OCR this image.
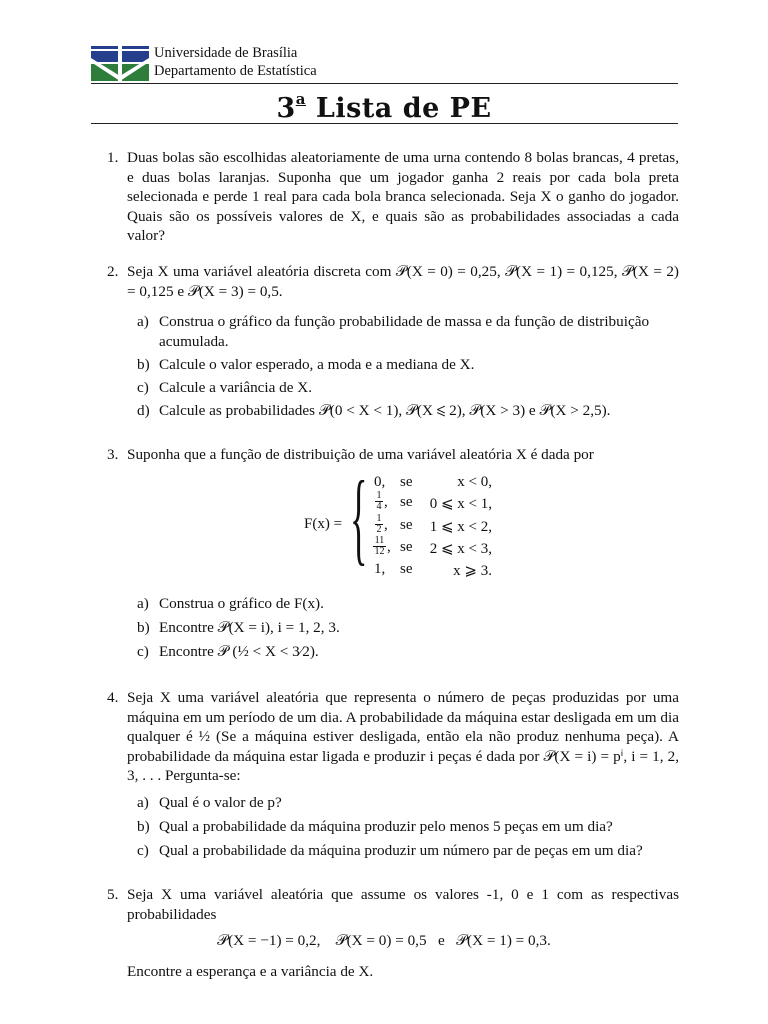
Universidade de Brasília
Departamento de Estatística
3$^a$ Lista de PE
1. Duas bolas são escolhidas aleatoriamente de uma urna contendo 8 bolas brancas, 4 pretas, e duas bolas laranjas. Suponha que um jogador ganha 2 reais por cada bola preta selecionada e perde 1 real para cada bola branca selecionada. Seja X o ganho do jogador. Quais são os possíveis valores de X, e quais são as probabilidades associadas a cada valor?
2. Seja X uma variável aleatória discreta com 𝒫(X = 0) = 0,25, 𝒫(X = 1) = 0,125, 𝒫(X = 2) = 0,125 e 𝒫(X = 3) = 0,5.
a) Construa o gráfico da função probabilidade de massa e da função de distribuição acumulada.
b) Calcule o valor esperado, a moda e a mediana de X.
c) Calcule a variância de X.
d) Calcule as probabilidades 𝒫(0 < X < 1), 𝒫(X ⩽ 2), 𝒫(X > 3) e 𝒫(X > 2,5).
3. Suponha que a função de distribuição de uma variável aleatória X é dada por
F(x) = { 0, se	x < 0,
$\frac{1}{4}$ , se 0 ⩽ x < 1,
$\frac{1}{2}$ , se 1 ⩽ x < 2,
$\frac{11}{12}$ , se 2 ⩽ x < 3,
1, se	x ⩾ 3.
a) Construa o gráfico de F(x).
b) Encontre 𝒫(X = i), i = 1, 2, 3.
c) Encontre 𝒫 (½ < X < 3⁄2).
4. Seja X uma variável aleatória que representa o número de peças produzidas por uma máquina em um período de um dia. A probabilidade da máquina estar desligada em um dia qualquer é ½ (Se a máquina estiver desligada, então ela não produz nenhuma peça). A probabilidade da máquina estar ligada e produzir i peças é dada por 𝒫(X = i) = pⁱ, i = 1, 2, 3, . . . Pergunta-se:
a) Qual é o valor de p?
b) Qual a probabilidade da máquina produzir pelo menos 5 peças em um dia?
c) Qual a probabilidade da máquina produzir um número par de peças em um dia?
5. Seja X uma variável aleatória que assume os valores -1, 0 e 1 com as respectivas probabilidades
𝒫(X = −1) = 0,2,    𝒫(X = 0) = 0,5   e   𝒫(X = 1) = 0,3.
Encontre a esperança e a variância de X.
